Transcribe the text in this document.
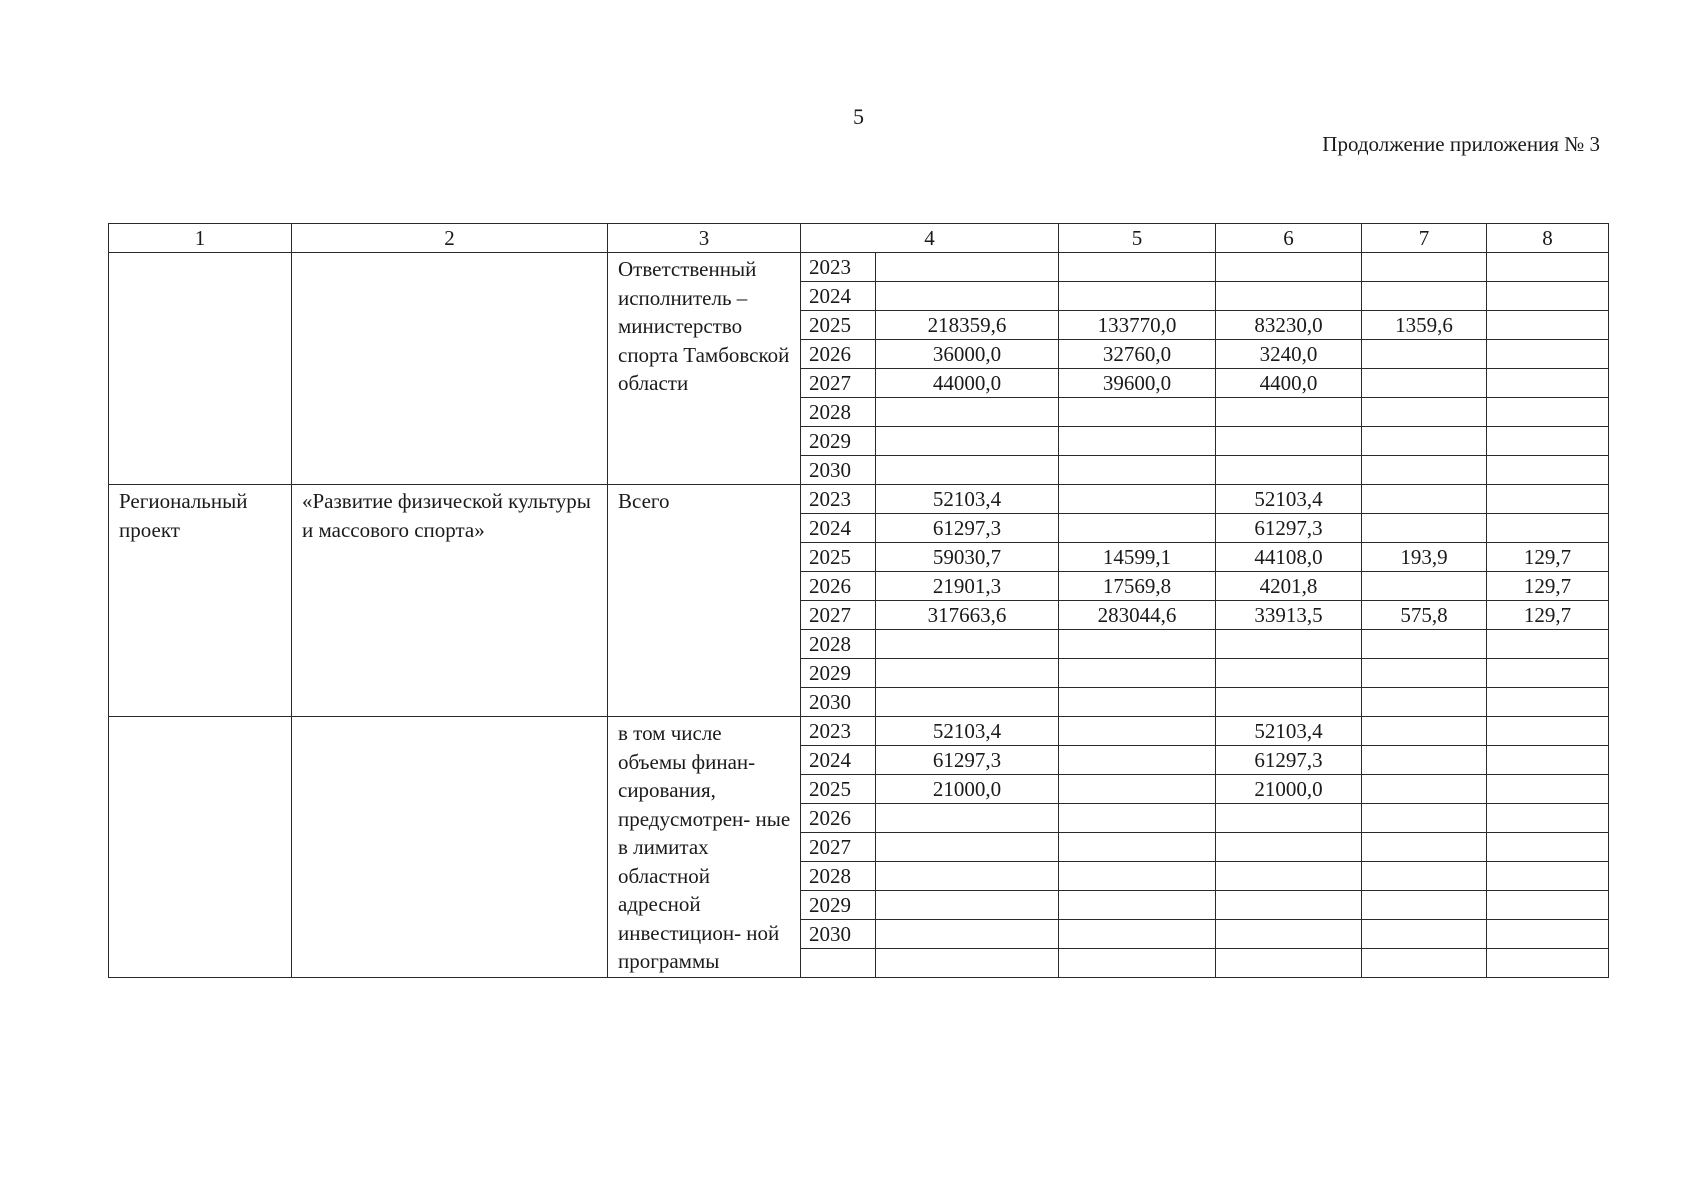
5
Продолжение приложения № 3
1	2	3	4		5	6	7	8
		Ответственный исполнитель – министерство спорта Тамбовской области	2023					
			2024					
			2025	218359,6	133770,0	83230,0	1359,6	
			2026	36000,0	32760,0	3240,0		
			2027	44000,0	39600,0	4400,0		
			2028					
			2029					
			2030					
Региональный проект	«Развитие физической культуры и массового спорта»	Всего	2023	52103,4		52103,4		
			2024	61297,3		61297,3		
			2025	59030,7	14599,1	44108,0	193,9	129,7
			2026	21901,3	17569,8	4201,8		129,7
			2027	317663,6	283044,6	33913,5	575,8	129,7
			2028					
			2029					
			2030					
		в том числе объемы финан- сирования, предусмотрен- ные в лимитах областной адресной инвестицион- ной программы	2023	52103,4		52103,4		
			2024	61297,3		61297,3		
			2025	21000,0		21000,0		
			2026					
			2027					
			2028					
			2029					
			2030					
